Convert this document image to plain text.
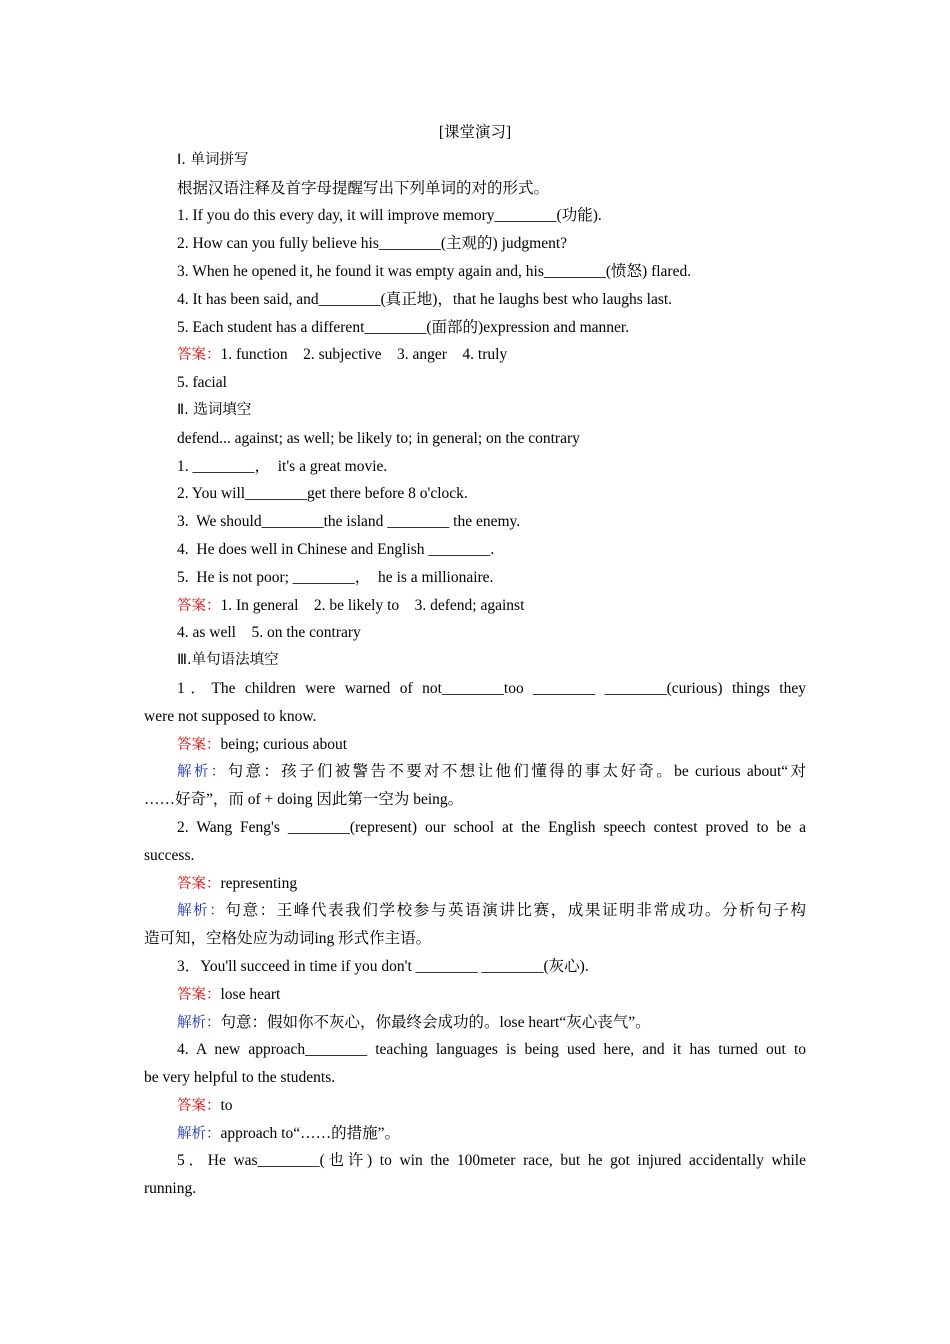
[课堂演习]
Ⅰ. 单词拼写
根据汉语注释及首字母提醒写出下列单词的对的形式。
1. If you do this every day, it will improve memory________(功能).
2. How can you fully believe his________(主观的) judgment?
3. When he opened it, he found it was empty again and, his________(愤怒) flared.
4. It has been said, and________(真正地)，that he laughs best who laughs last.
5. Each student has a different________(面部的)expression and manner.
答案：1. function    2. subjective    3. anger    4. truly
5. facial
Ⅱ. 选词填空
defend... against; as well; be likely to; in general; on the contrary
1. ________，  it's a great movie.
2. You will________get there before 8 o'clock.
3.  We should________the island ________ the enemy.
4.  He does well in Chinese and English ________.
5.  He is not poor; ________，  he is a millionaire.
答案：1. In general    2. be likely to    3. defend; against
4. as well    5. on the contrary
Ⅲ.单句语法填空
1．The children were warned of not________too ________ ________(curious) things they
were not supposed to know.
答案：being; curious about
解析：句意：孩子们被警告不要对不想让他们懂得的事太好奇。be curious about“对
……好奇”，而 of + doing 因此第一空为 being。
2. Wang Feng's ________(represent) our school at the English speech contest proved to be a
success.
答案：representing
解析：句意：王峰代表我们学校参与英语演讲比赛，成果证明非常成功。分析句子构
造可知，空格处应为动词ing 形式作主语。
3．You'll succeed in time if you don't ________ ________(灰心).
答案：lose heart
解析：句意：假如你不灰心，你最终会成功的。lose heart“灰心丧气”。
4. A new approach________ teaching languages is being used here, and it has turned out to
be very helpful to the students.
答案：to
解析：approach to“……的措施”。
5．He was________(也许) to win the 100meter race, but he got injured accidentally while
running.
